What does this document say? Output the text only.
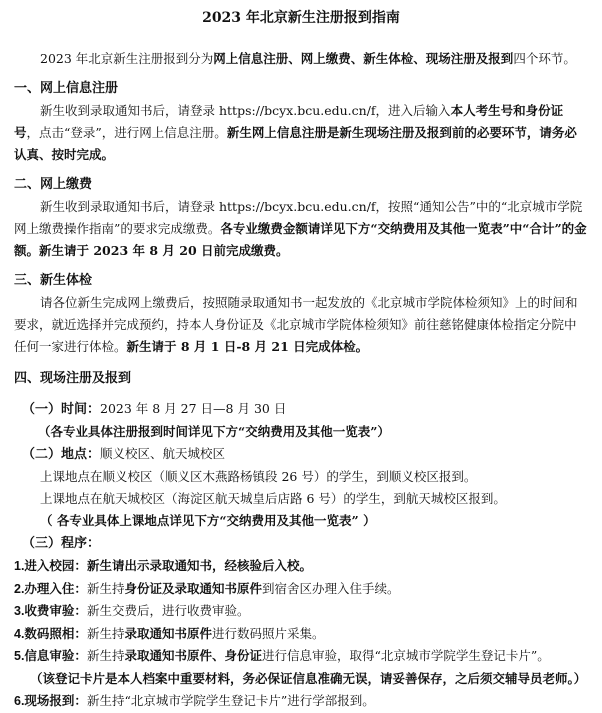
2023 年北京新生注册报到指南

2023 年北京新生注册报到分为网上信息注册、网上缴费、新生体检、现场注册及报到四个环节。

一、网上信息注册

新生收到录取通知书后，请登录 https://bcyx.bcu.edu.cn/f，进入后输入本人考生号和身份证号，点击“登录”，进行网上信息注册。新生网上信息注册是新生现场注册及报到前的必要环节，请务必认真、按时完成。

二、网上缴费

新生收到录取通知书后，请登录 https://bcyx.bcu.edu.cn/f，按照“通知公告”中的“北京城市学院网上缴费操作指南”的要求完成缴费。各专业缴费金额请详见下方“交纳费用及其他一览表”中“合计”的金额。新生请于 2023 年 8 月 20 日前完成缴费。

三、新生体检

请各位新生完成网上缴费后，按照随录取通知书一起发放的《北京城市学院体检须知》上的时间和要求，就近选择并完成预约，持本人身份证及《北京城市学院体检须知》前往慈铭健康体检指定分院中任何一家进行体检。新生请于 8 月 1 日-8 月 21 日完成体检。

四、现场注册及报到
（一）时间：2023 年 8 月 27 日—8 月 30 日
（各专业具体注册报到时间详见下方“交纳费用及其他一览表”）
（二）地点：顺义校区、航天城校区
上课地点在顺义校区（顺义区木燕路杨镇段 26 号）的学生，到顺义校区报到。
上课地点在航天城校区（海淀区航天城皇后店路 6 号）的学生，到航天城校区报到。
（ 各专业具体上课地点详见下方“交纳费用及其他一览表” ）
（三）程序：
1.进入校园：新生请出示录取通知书，经核验后入校。
2.办理入住：新生持身份证及录取通知书原件到宿舍区办理入住手续。
3.收费审验：新生交费后，进行收费审验。
4.数码照相：新生持录取通知书原件进行数码照片采集。
5.信息审验：新生持录取通知书原件、身份证进行信息审验，取得“北京城市学院学生登记卡片”。
（该登记卡片是本人档案中重要材料，务必保证信息准确无误，请妥善保存，之后须交辅导员老师。）
6.现场报到：新生持“北京城市学院学生登记卡片”进行学部报到。
